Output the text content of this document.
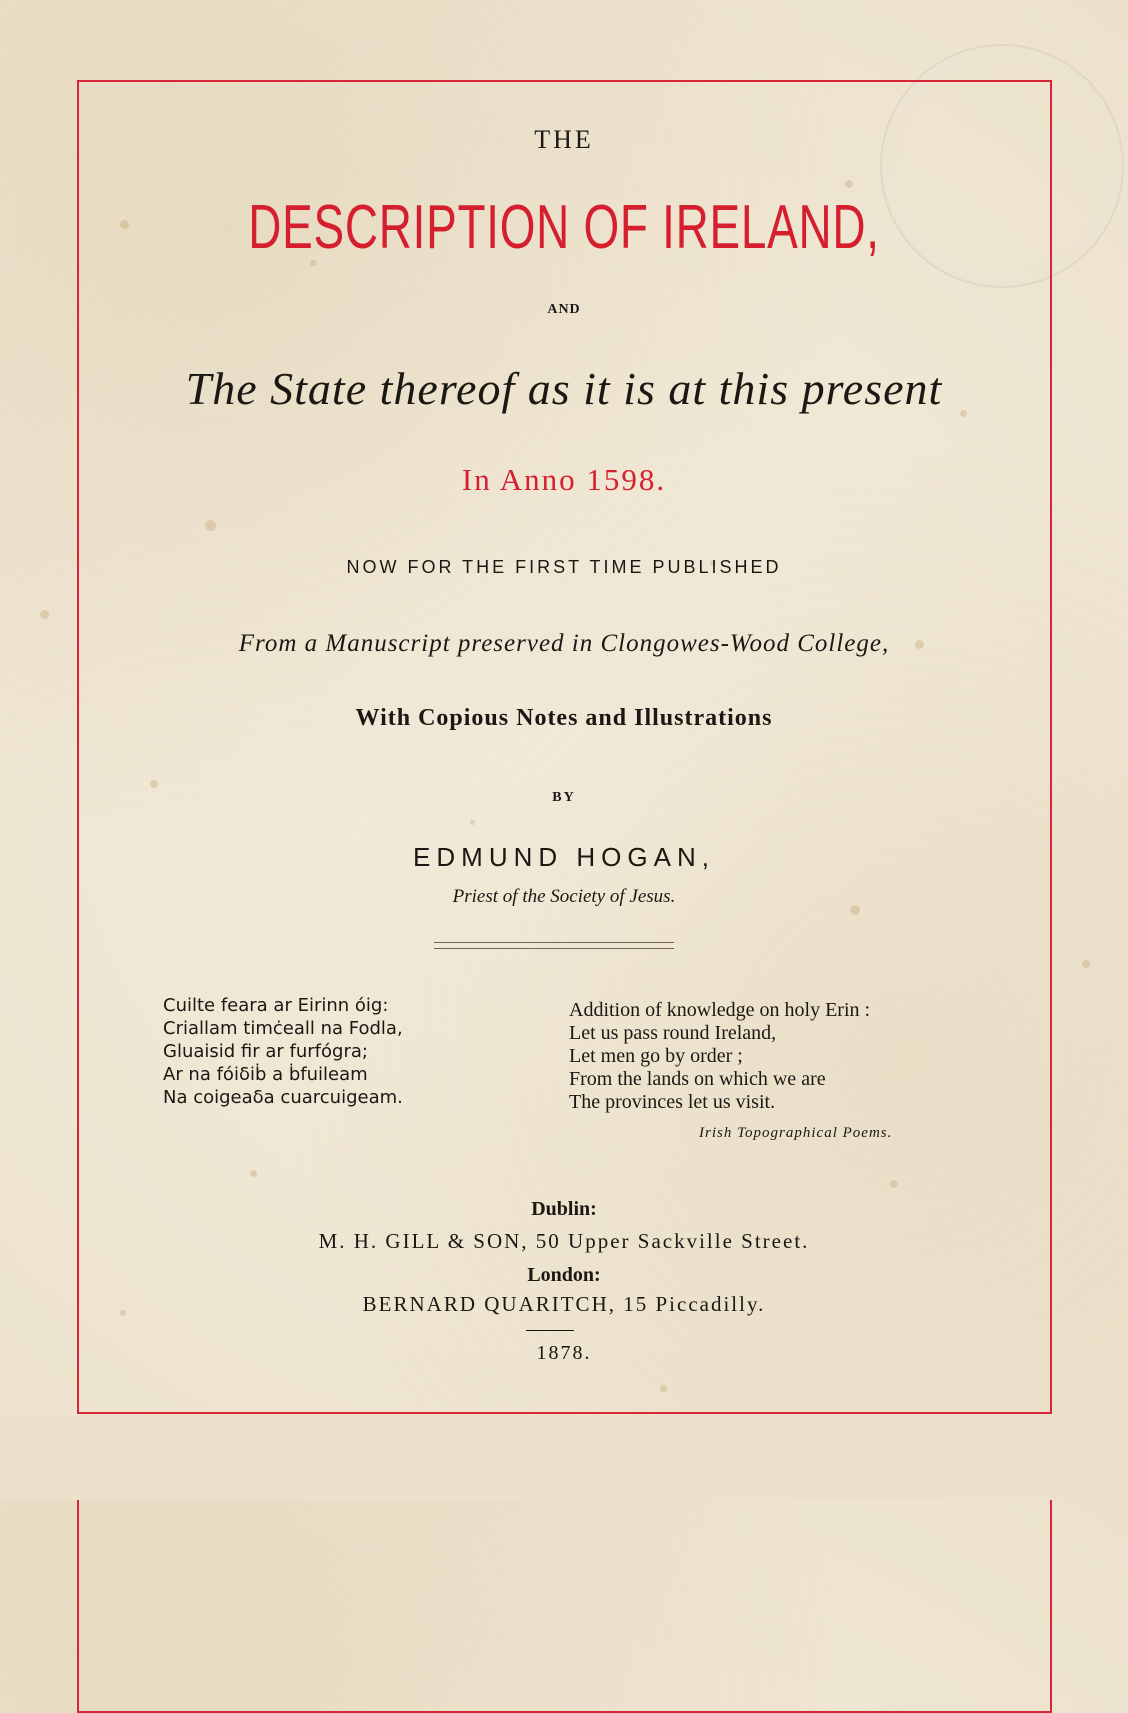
THE
DESCRIPTION OF IRELAND,
AND
The State thereof as it is at this present
In Anno 1598.
NOW FOR THE FIRST TIME PUBLISHED
From a Manuscript preserved in Clongowes-Wood College,
With Copious Notes and Illustrations
BY
EDMUND HOGAN,
Priest of the Society of Jesus.
Cuilte feara ar Eirinn óig:
Criallam timċeall na Fodla,
Gluaisid fir ar furfógra;
Ar na fóiδiḃ a ḃfuileam
Na coigeaδa cuarcuigeam.
Addition of knowledge on holy Erin :
Let us pass round Ireland,
Let men go by order ;
From the lands on which we are
The provinces let us visit.
Irish Topographical Poems.
Dublin:
M. H. GILL & SON, 50 Upper Sackville Street.
London:
BERNARD QUARITCH, 15 Piccadilly.
1878.
